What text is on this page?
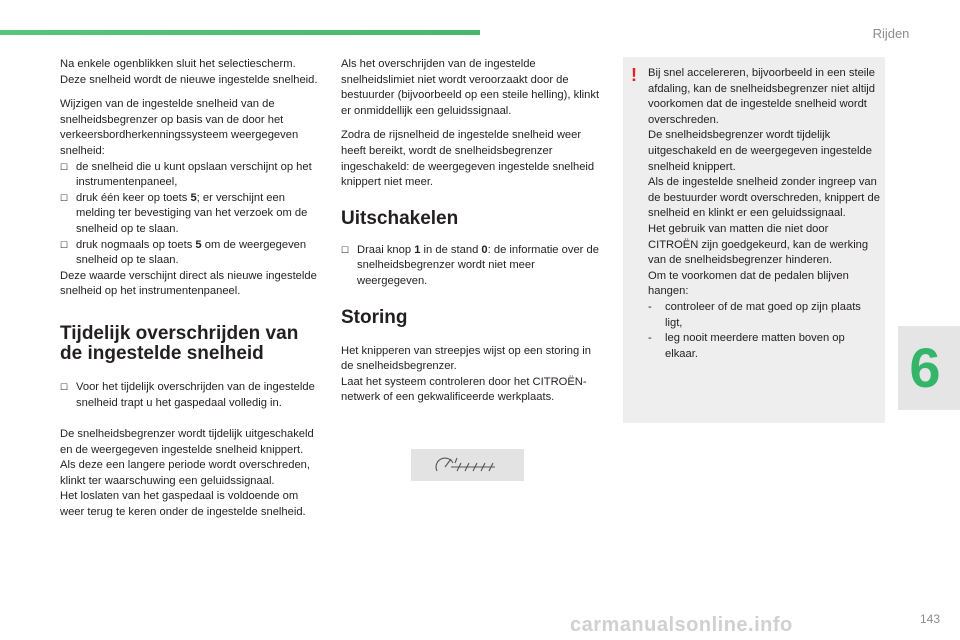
Rijden
6

Na enkele ogenblikken sluit het selectiescherm. Deze snelheid wordt de nieuwe ingestelde snelheid.

Wijzigen van de ingestelde snelheid van de snelheidsbegrenzer op basis van de door het verkeersbordherkenningssysteem weergegeven snelheid:
☐ de snelheid die u kunt opslaan verschijnt op het instrumentenpaneel,
☐ druk één keer op toets 5; er verschijnt een melding ter bevestiging van het verzoek om de snelheid op te slaan.
☐ druk nogmaals op toets 5 om de weergegeven snelheid op te slaan.
Deze waarde verschijnt direct als nieuwe ingestelde snelheid op het instrumentenpaneel.
Tijdelijk overschrijden van de ingestelde snelheid
☐ Voor het tijdelijk overschrijden van de ingestelde snelheid trapt u het gaspedaal volledig in.
De snelheidsbegrenzer wordt tijdelijk uitgeschakeld en de weergegeven ingestelde snelheid knippert.
Als deze een langere periode wordt overschreden, klinkt ter waarschuwing een geluidssignaal.
Het loslaten van het gaspedaal is voldoende om weer terug te keren onder de ingestelde snelheid.

Als het overschrijden van de ingestelde snelheidslimiet niet wordt veroorzaakt door de bestuurder (bijvoorbeeld op een steile helling), klinkt er onmiddellijk een geluidssignaal.

Zodra de rijsnelheid de ingestelde snelheid weer heeft bereikt, wordt de snelheidsbegrenzer ingeschakeld: de weergegeven ingestelde snelheid knippert niet meer.

Uitschakelen
☐ Draai knop 1 in de stand 0: de informatie over de snelheidsbegrenzer wordt niet meer weergegeven.
Storing
Het knipperen van streepjes wijst op een storing in de snelheidsbegrenzer.
Laat het systeem controleren door het CITROËN-netwerk of een gekwalificeerde werkplaats.
! Bij snel accelereren, bijvoorbeeld in een steile afdaling, kan de snelheidsbegrenzer niet altijd voorkomen dat de ingestelde snelheid wordt overschreden.
De snelheidsbegrenzer wordt tijdelijk uitgeschakeld en de weergegeven ingestelde snelheid knippert.
Als de ingestelde snelheid zonder ingreep van de bestuurder wordt overschreden, knippert de snelheid en klinkt er een geluidssignaal.
Het gebruik van matten die niet door CITROËN zijn goedgekeurd, kan de werking van de snelheidsbegrenzer hinderen.
Om te voorkomen dat de pedalen blijven hangen:
-	controleer of de mat goed op zijn plaats ligt,
-	leg nooit meerdere matten boven op elkaar.
carmanualsonline.info	143
